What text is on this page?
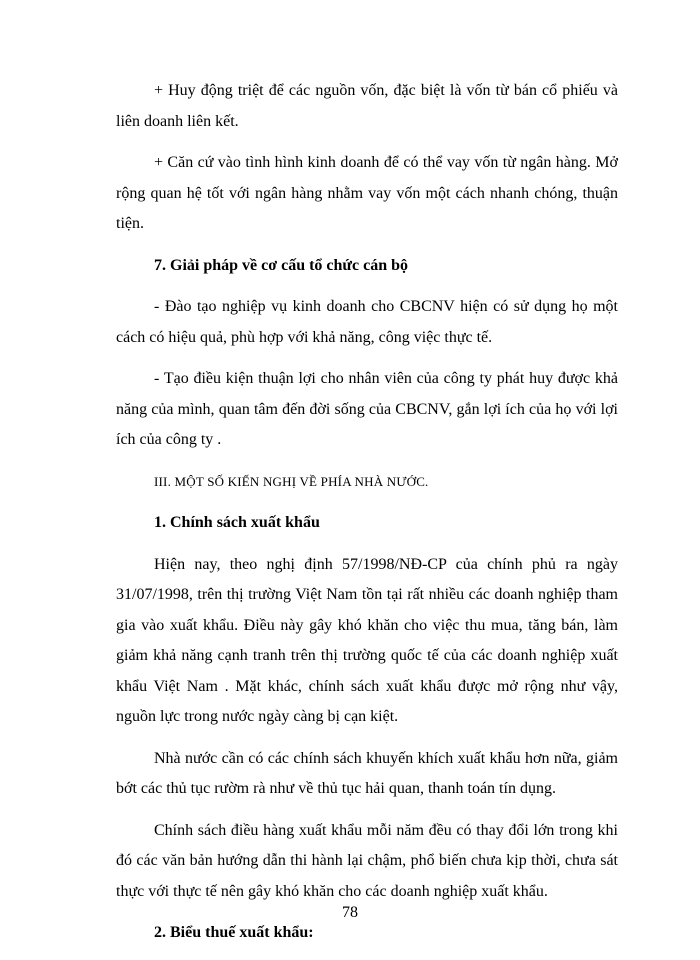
+ Huy động triệt để các nguồn vốn, đặc biệt là vốn từ bán cổ phiếu và liên doanh liên kết.

+ Căn cứ vào tình hình kinh doanh để có thể vay vốn từ ngân hàng. Mở rộng quan hệ tốt với ngân hàng nhằm vay vốn một cách nhanh chóng, thuận tiện.

7. Giải pháp về cơ cấu tổ chức cán bộ

- Đào tạo nghiệp vụ kinh doanh cho CBCNV hiện có sử dụng họ một cách có hiệu quả, phù hợp với khả năng, công việc thực tế.

- Tạo điều kiện thuận lợi cho nhân viên của công ty phát huy được khả năng của mình, quan tâm đến đời sống của CBCNV, gắn lợi ích của họ với lợi ích của công ty .

III. MỘT SỐ KIẾN NGHỊ VỀ PHÍA NHÀ NƯỚC.

1. Chính sách xuất khẩu

Hiện nay, theo nghị định 57/1998/NĐ-CP của chính phủ ra ngày 31/07/1998, trên thị trường Việt Nam tồn tại rất nhiều các doanh nghiệp tham gia vào xuất khẩu. Điều này gây khó khăn cho việc thu mua, tăng bán, làm giảm khả năng cạnh tranh trên thị trường quốc tế của các doanh nghiệp xuất khẩu Việt Nam . Mặt khác, chính sách xuất khẩu được mở rộng như vậy, nguồn lực trong nước ngày càng bị cạn kiệt.

Nhà nước cần có các chính sách khuyến khích xuất khẩu hơn nữa, giảm bớt các thủ tục rườm rà như về thủ tục hải quan, thanh toán tín dụng.

Chính sách điều hàng xuất khẩu mỗi năm đều có thay đổi lớn trong khi đó các văn bản hướng dẫn thi hành lại chậm, phổ biến chưa kịp thời, chưa sát thực với thực tế nên gây khó khăn cho các doanh nghiệp xuất khẩu.

2. Biểu thuế xuất khẩu:

78
